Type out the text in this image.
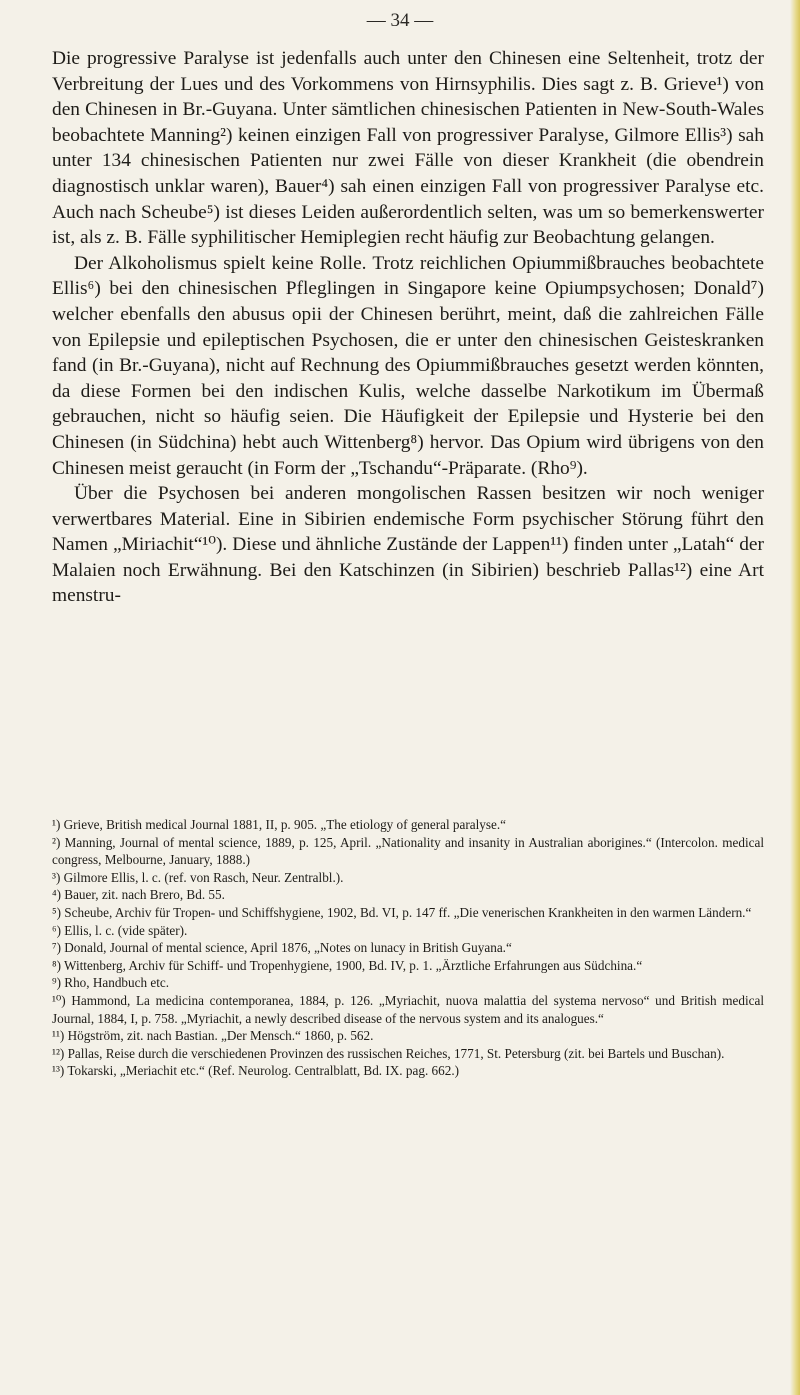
— 34 —

Die progressive Paralyse ist jedenfalls auch unter den Chinesen eine Seltenheit, trotz der Verbreitung der Lues und des Vorkommens von Hirnsyphilis. Dies sagt z. B. Grieve¹) von den Chinesen in Br.-Guyana. Unter sämtlichen chinesischen Patienten in New-South-Wales beobachtete Manning²) keinen einzigen Fall von progressiver Paralyse, Gilmore Ellis³) sah unter 134 chinesischen Patienten nur zwei Fälle von dieser Krankheit (die obendrein diagnostisch unklar waren), Bauer⁴) sah einen einzigen Fall von progressiver Paralyse etc. Auch nach Scheube⁵) ist dieses Leiden außerordentlich selten, was um so bemerkenswerter ist, als z. B. Fälle syphilitischer Hemiplegien recht häufig zur Beobachtung gelangen.

Der Alkoholismus spielt keine Rolle. Trotz reichlichen Opiummißbrauches beobachtete Ellis⁶) bei den chinesischen Pfleglingen in Singapore keine Opiumpsychosen; Donald⁷) welcher ebenfalls den abusus opii der Chinesen berührt, meint, daß die zahlreichen Fälle von Epilepsie und epileptischen Psychosen, die er unter den chinesischen Geisteskranken fand (in Br.-Guyana), nicht auf Rechnung des Opiummißbrauches gesetzt werden könnten, da diese Formen bei den indischen Kulis, welche dasselbe Narkotikum im Übermaß gebrauchen, nicht so häufig seien. Die Häufigkeit der Epilepsie und Hysterie bei den Chinesen (in Südchina) hebt auch Wittenberg⁸) hervor. Das Opium wird übrigens von den Chinesen meist geraucht (in Form der „Tschandu“-Präparate. (Rho⁹).

Über die Psychosen bei anderen mongolischen Rassen besitzen wir noch weniger verwertbares Material. Eine in Sibirien endemische Form psychischer Störung führt den Namen „Miriachit“¹⁰). Diese und ähnliche Zustände der Lappen¹¹) finden unter „Latah“ der Malaien noch Erwähnung. Bei den Katschinzen (in Sibirien) beschrieb Pallas¹²) eine Art menstru-

¹) Grieve, British medical Journal 1881, II, p. 905. „The etiology of general paralyse.“
²) Manning, Journal of mental science, 1889, p. 125, April. „Nationality and insanity in Australian aborigines.“ (Intercolon. medical congress, Melbourne, January, 1888.)
³) Gilmore Ellis, l. c. (ref. von Rasch, Neur. Zentralbl.).
⁴) Bauer, zit. nach Brero, Bd. 55.
⁵) Scheube, Archiv für Tropen- und Schiffshygiene, 1902, Bd. VI, p. 147 ff. „Die venerischen Krankheiten in den warmen Ländern.“
⁶) Ellis, l. c. (vide später).
⁷) Donald, Journal of mental science, April 1876, „Notes on lunacy in British Guyana.“
⁸) Wittenberg, Archiv für Schiff- und Tropenhygiene, 1900, Bd. IV, p. 1. „Ärztliche Erfahrungen aus Südchina.“
⁹) Rho, Handbuch etc.
¹⁰) Hammond, La medicina contemporanea, 1884, p. 126. „Myriachit, nuova malattia del systema nervoso“ und British medical Journal, 1884, I, p. 758. „Myriachit, a newly described disease of the nervous system and its analogues.“
¹¹) Högström, zit. nach Bastian. „Der Mensch.“ 1860, p. 562.
¹²) Pallas, Reise durch die verschiedenen Provinzen des russischen Reiches, 1771, St. Petersburg (zit. bei Bartels und Buschan).
¹³) Tokarski, „Meriachit etc.“ (Ref. Neurolog. Centralblatt, Bd. IX. pag. 662.)
